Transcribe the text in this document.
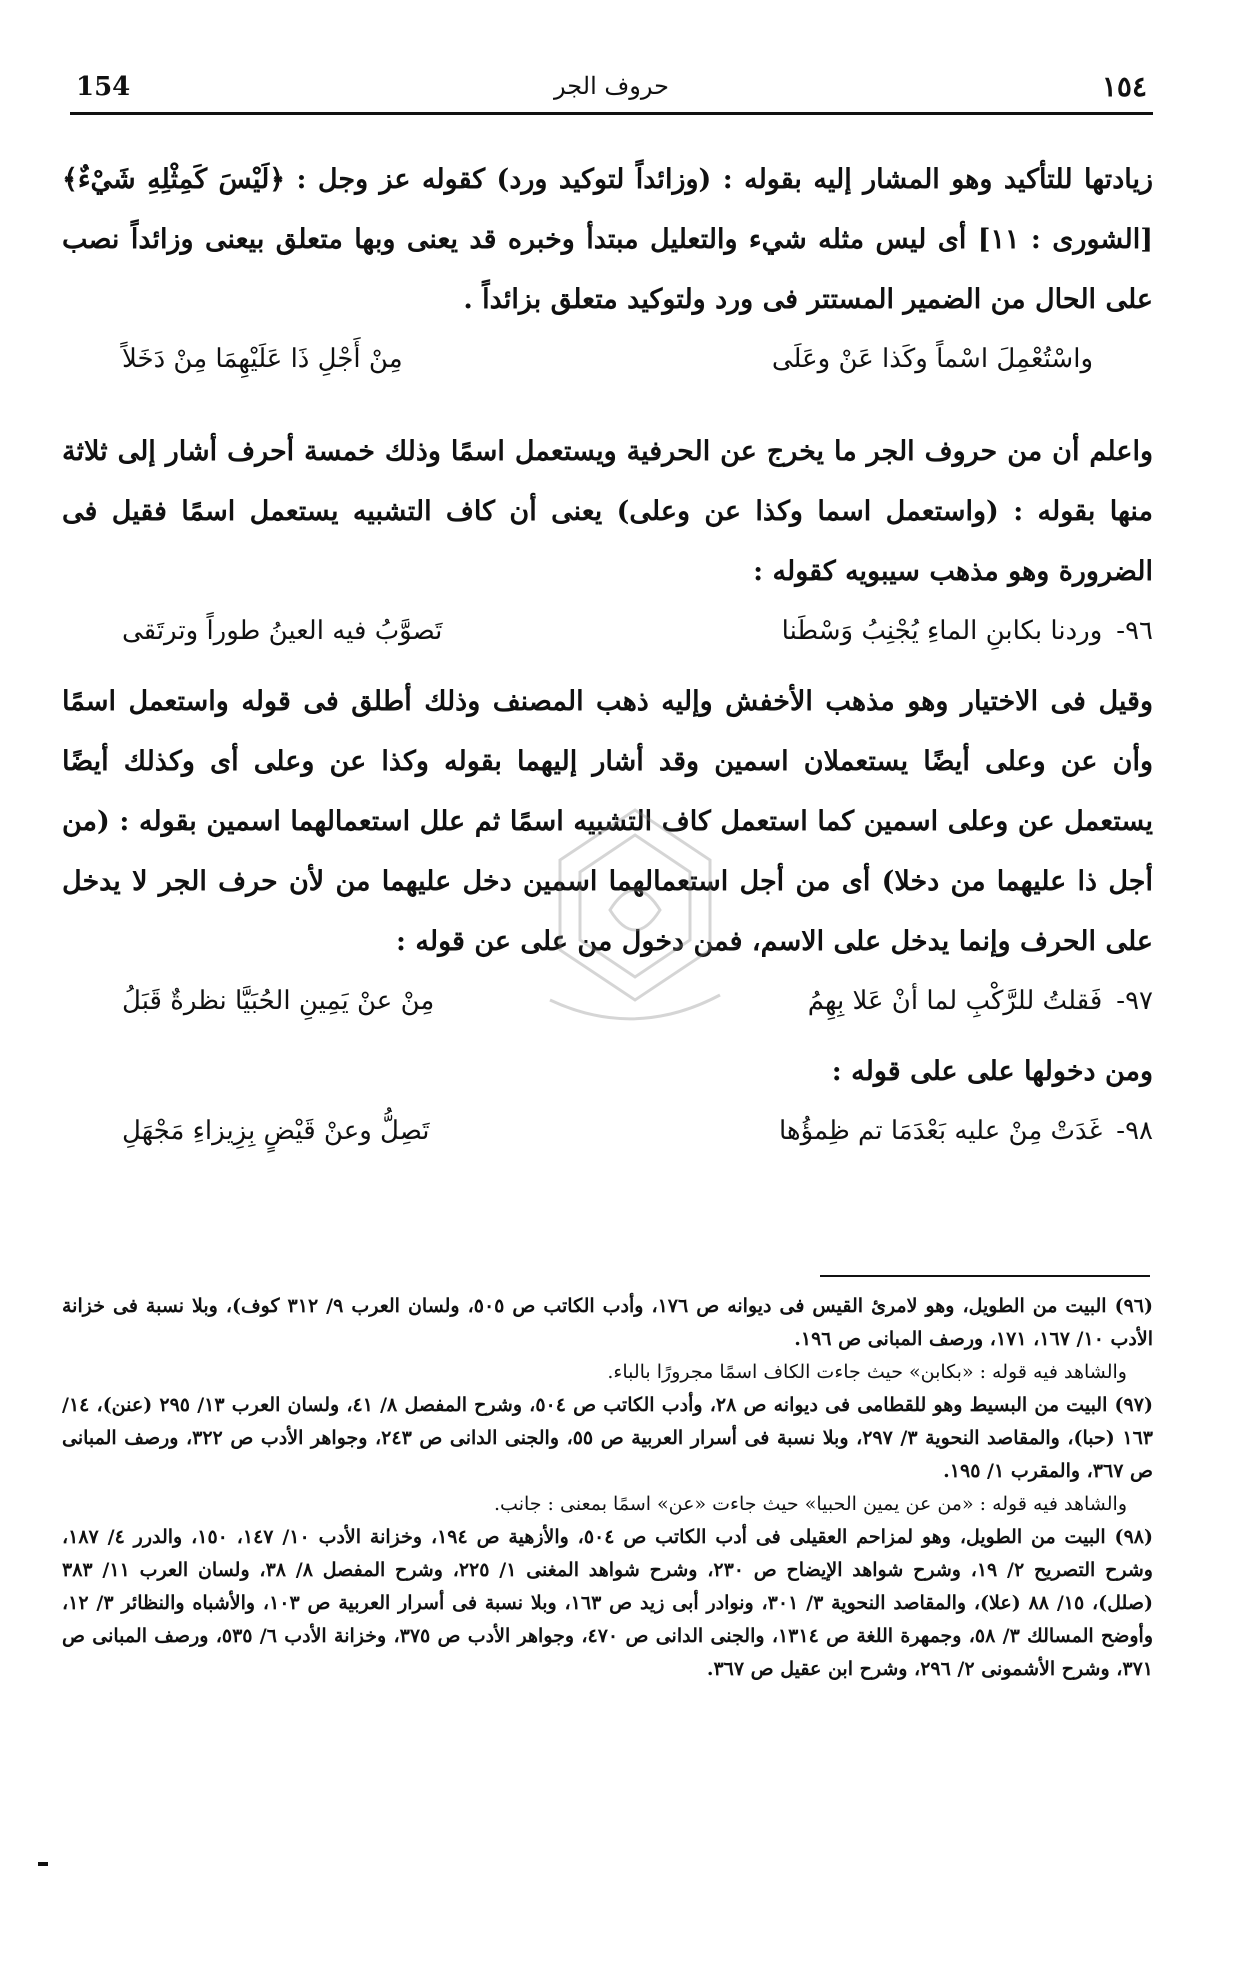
154	حروف الجر	١٥٤

زيادتها للتأكيد وهو المشار إليه بقوله : (وزائداً لتوكيد ورد) كقوله عز وجل : ﴿لَيْسَ كَمِثْلِهِ شَيْءٌ﴾ [الشورى : ١١] أى ليس مثله شيء والتعليل مبتدأ وخبره قد يعنى وبها متعلق بيعنى وزائداً نصب على الحال من الضمير المستتر فى ورد ولتوكيد متعلق بزائداً .

واسْتُعْمِلَ اسْماً وكَذا عَنْ وعَلَى
مِنْ أَجْلِ ذَا عَلَيْهِمَا مِنْ دَخَلاً

واعلم أن من حروف الجر ما يخرج عن الحرفية ويستعمل اسمًا وذلك خمسة أحرف أشار إلى ثلاثة منها بقوله : (واستعمل اسما وكذا عن وعلى) يعنى أن كاف التشبيه يستعمل اسمًا فقيل فى الضرورة وهو مذهب سيبويه كقوله :

٩٦-وردنا بكابنِ الماءِ يُجْنِبُ وَسْطَنا
تَصوَّبُ فيه العينُ طوراً وترتَقى

وقيل فى الاختيار وهو مذهب الأخفش وإليه ذهب المصنف وذلك أطلق فى قوله واستعمل اسمًا وأن عن وعلى أيضًا يستعملان اسمين وقد أشار إليهما بقوله وكذا عن وعلى أى وكذلك أيضًا يستعمل عن وعلى اسمين كما استعمل كاف التشبيه اسمًا ثم علل استعمالهما اسمين بقوله : (من أجل ذا عليهما من دخلا) أى من أجل استعمالهما اسمين دخل عليهما من لأن حرف الجر لا يدخل على الحرف وإنما يدخل على الاسم، فمن دخول من على عن قوله :

٩٧-فَقلتُ للرَّكْبِ لما أنْ عَلا بِهِمُ
مِنْ عنْ يَمِينِ الحُبَيَّا نظرةٌ قَبَلُ

ومن دخولها على على قوله :

٩٨-غَدَتْ مِنْ عليه بَعْدَمَا تم ظِمؤُها
تَصِلُّ وعنْ قَيْضٍ بِزِيزاءِ مَجْهَلِ

(٩٦) البيت من الطويل، وهو لامرئ القيس فى ديوانه ص ١٧٦، وأدب الكاتب ص ٥٠٥، ولسان العرب ٩/ ٣١٢ كوف)، وبلا نسبة فى خزانة الأدب ١٠/ ١٦٧، ١٧١، ورصف المبانى ص ١٩٦.

والشاهد فيه قوله : «بكابن» حيث جاءت الكاف اسمًا مجرورًا بالباء.

(٩٧) البيت من البسيط وهو للقطامى فى ديوانه ص ٢٨، وأدب الكاتب ص ٥٠٤، وشرح المفصل ٨/ ٤١، ولسان العرب ١٣/ ٢٩٥ (عنن)، ١٤/ ١٦٣ (حبا)، والمقاصد النحوية ٣/ ٢٩٧، وبلا نسبة فى أسرار العربية ص ٥٥، والجنى الدانى ص ٢٤٣، وجواهر الأدب ص ٣٢٢، ورصف المبانى ص ٣٦٧، والمقرب ١/ ١٩٥.

والشاهد فيه قوله : «من عن يمين الحبيا» حيث جاءت «عن» اسمًا بمعنى : جانب.

(٩٨) البيت من الطويل، وهو لمزاحم العقيلى فى أدب الكاتب ص ٥٠٤، والأزهية ص ١٩٤، وخزانة الأدب ١٠/ ١٤٧، ١٥٠، والدرر ٤/ ١٨٧، وشرح التصريح ٢/ ١٩، وشرح شواهد الإيضاح ص ٢٣٠، وشرح شواهد المغنى ١/ ٢٢٥، وشرح المفصل ٨/ ٣٨، ولسان العرب ١١/ ٣٨٣ (صلل)، ١٥/ ٨٨ (علا)، والمقاصد النحوية ٣/ ٣٠١، ونوادر أبى زيد ص ١٦٣، وبلا نسبة فى أسرار العربية ص ١٠٣، والأشباه والنظائر ٣/ ١٢، وأوضح المسالك ٣/ ٥٨، وجمهرة اللغة ص ١٣١٤، والجنى الدانى ص ٤٧٠، وجواهر الأدب ص ٣٧٥، وخزانة الأدب ٦/ ٥٣٥، ورصف المبانى ص ٣٧١، وشرح الأشمونى ٢/ ٢٩٦، وشرح ابن عقيل ص ٣٦٧.
